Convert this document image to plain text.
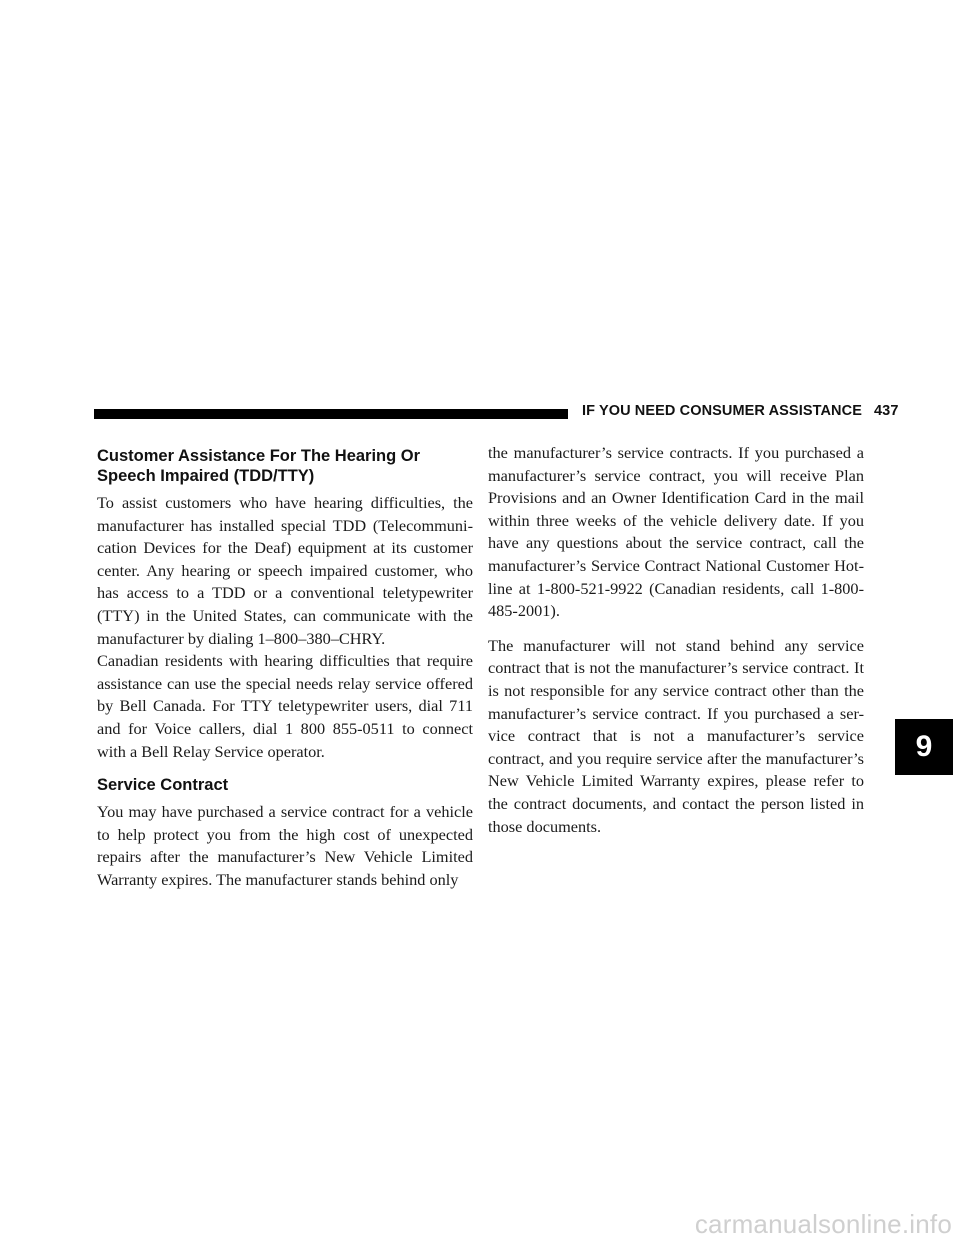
IF YOU NEED CONSUMER ASSISTANCE 437
Customer Assistance For The Hearing Or Speech Impaired (TDD/TTY)

To assist customers who have hearing difficulties, the manufacturer has installed special TDD (Telecommuni-cation Devices for the Deaf) equipment at its customer center. Any hearing or speech impaired customer, who has access to a TDD or a conventional teletypewriter (TTY) in the United States, can communicate with the manufacturer by dialing 1–800–380–CHRY.

Canadian residents with hearing difficulties that require assistance can use the special needs relay service offered by Bell Canada. For TTY teletypewriter users, dial 711 and for Voice callers, dial 1 800 855-0511 to connect with a Bell Relay Service operator.

Service Contract

You may have purchased a service contract for a vehicle to help protect you from the high cost of unexpected repairs after the manufacturer’s New Vehicle Limited Warranty expires. The manufacturer stands behind only

the manufacturer’s service contracts. If you purchased a manufacturer’s service contract, you will receive Plan Provisions and an Owner Identification Card in the mail within three weeks of the vehicle delivery date. If you have any questions about the service contract, call the manufacturer’s Service Contract National Customer Hot-line at 1-800-521-9922 (Canadian residents, call 1-800-485-2001).

The manufacturer will not stand behind any service contract that is not the manufacturer’s service contract. It is not responsible for any service contract other than the manufacturer’s service contract. If you purchased a ser-vice contract that is not a manufacturer’s service contract, and you require service after the manufacturer’s New Vehicle Limited Warranty expires, please refer to the contract documents, and contact the person listed in those documents.

9
carmanualsonline.info
